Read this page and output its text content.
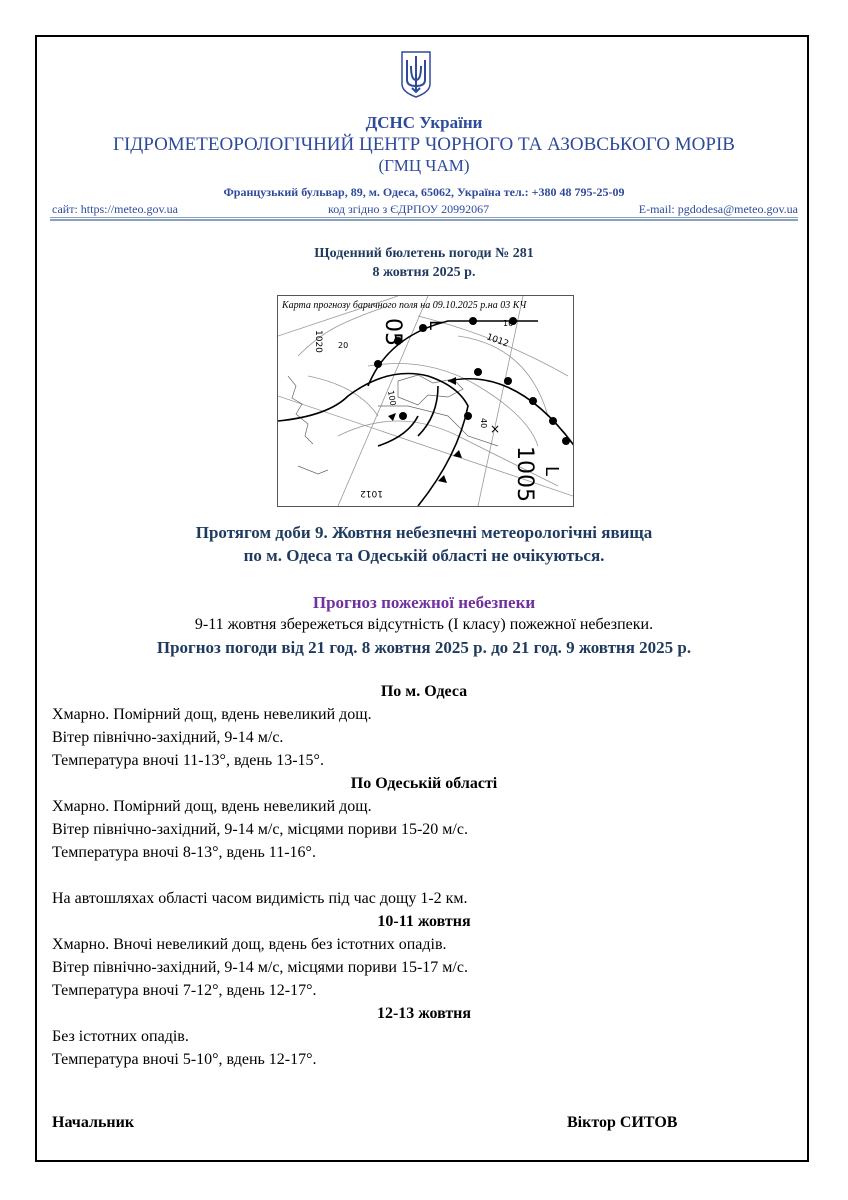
ДСНС України
ГІДРОМЕТЕОРОЛОГІЧНИЙ ЦЕНТР ЧОРНОГО ТА АЗОВСЬКОГО МОРІВ
(ГМЦ ЧАМ)
Французький бульвар, 89, м. Одеса, 65062, Україна тел.: +380 48 795-25-09
сайт: https://meteo.gov.ua	код згідно з ЄДРПОУ 20992067	E-mail: pgdodesa@meteo.gov.ua
Щоденний бюлетень погоди № 281
8 жовтня 2025 р.
Карта прогнозу баричного поля на 09.10.2025 р.на 03 КЧ
1020 20 05 L
1012
16
1005 L
1012
100
40 ×
Протягом доби 9. Жовтня небезпечні метеорологічні явища
по м. Одеса та Одеській області не очікуються.
Прогноз пожежної небезпеки
9-11 жовтня збережеться відсутність (І класу) пожежної небезпеки.
Прогноз погоди від 21 год. 8 жовтня 2025 р. до 21 год. 9 жовтня 2025 р.
По м. Одеса
Хмарно. Помірний дощ, вдень невеликий дощ.
Вітер північно-західний, 9-14 м/с.
Температура вночі 11-13°, вдень 13-15°.
По Одеській області
Хмарно. Помірний дощ, вдень невеликий дощ.
Вітер північно-західний, 9-14 м/с, місцями пориви 15-20 м/с.
Температура вночі 8-13°, вдень 11-16°.
На автошляхах області часом видимість під час дощу 1-2 км.
10-11 жовтня
Хмарно. Вночі невеликий дощ, вдень без істотних опадів.
Вітер північно-західний, 9-14 м/с, місцями пориви 15-17 м/с.
Температура вночі 7-12°, вдень 12-17°.
12-13 жовтня
Без істотних опадів.
Температура вночі 5-10°, вдень 12-17°.
Начальник	Віктор СИТОВ
